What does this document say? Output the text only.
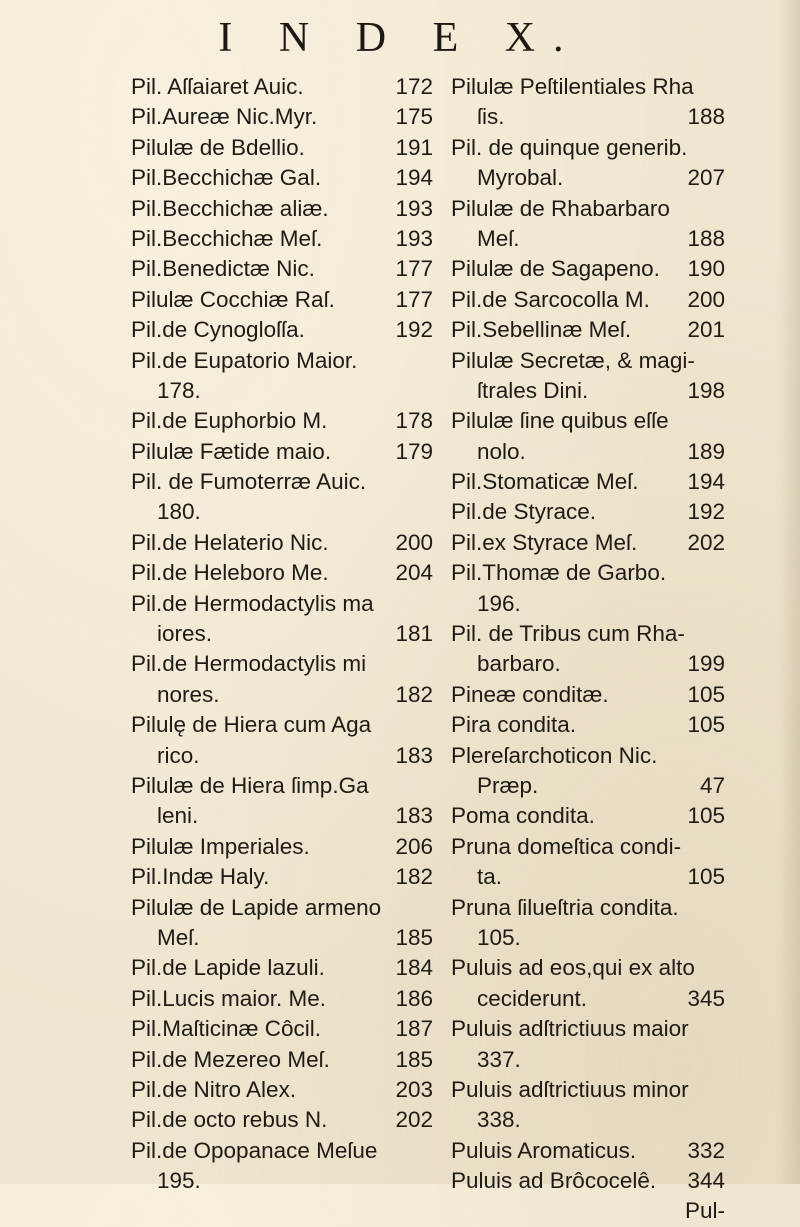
I N D E X.
Pil. Aſſaiaret Auic.	172
Pil.Aureæ Nic.Myr.	175
Pilulæ de Bdellio.	191
Pil.Becchichæ Gal.	194
Pil.Becchichæ aliæ.	193
Pil.Becchichæ Meſ.	193
Pil.Benedictæ Nic.	177
Pilulæ Cocchiæ Raſ.	177
Pil.de Cynogloſſa.	192
Pil.de Eupatorio Maior.
178.
Pil.de Euphorbio M.	178
Pilulæ Fætide maio.	179
Pil. de Fumoterræ Auic.
180.
Pil.de Helaterio Nic.	200
Pil.de Heleboro Me.	204
Pil.de Hermodactylis ma
iores.	181
Pil.de Hermodactylis mi
nores.	182
Pilulę de Hiera cum Aga
rico.	183
Pilulæ de Hiera ſimp.Ga
leni.	183
Pilulæ Imperiales.	206
Pil.Indæ Haly.	182
Pilulæ de Lapide armeno
Meſ.	185
Pil.de Lapide lazuli.	184
Pil.Lucis maior. Me.	186
Pil.Maſticinæ Côcil.	187
Pil.de Mezereo Meſ.	185
Pil.de Nitro Alex.	203
Pil.de octo rebus N.	202
Pil.de Opopanace Meſue
195.
Pilulæ Peſtilentiales Rha
ſis.	188
Pil. de quinque generib.
Myrobal.	207
Pilulæ de Rhabarbaro
Meſ.	188
Pilulæ de Sagapeno. 190
Pil.de Sarcocolla M. 200
Pil.Sebellinæ Meſ.	201
Pilulæ Secretæ, & magi-
ſtrales Dini.	198
Pilulæ ſine quibus eſſe
nolo.	189
Pil.Stomaticæ Meſ. 194
Pil.de Styrace.	192
Pil.ex Styrace Meſ. 202
Pil.Thomæ de Garbo.
196.
Pil. de Tribus cum Rha-
barbaro.	199
Pineæ conditæ.	105
Pira condita.	105
Plereſarchoticon Nic.
Præp.	47
Poma condita.	105
Pruna domeſtica condi-
ta.	105
Pruna ſilueſtria condita.
105.
Puluis ad eos,qui ex alto
ceciderunt.	345
Puluis adſtrictiuus maior
337.
Puluis adſtrictiuus minor
338.
Puluis Aromaticus. 332
Puluis ad Brôcocelê. 344
Pul-
